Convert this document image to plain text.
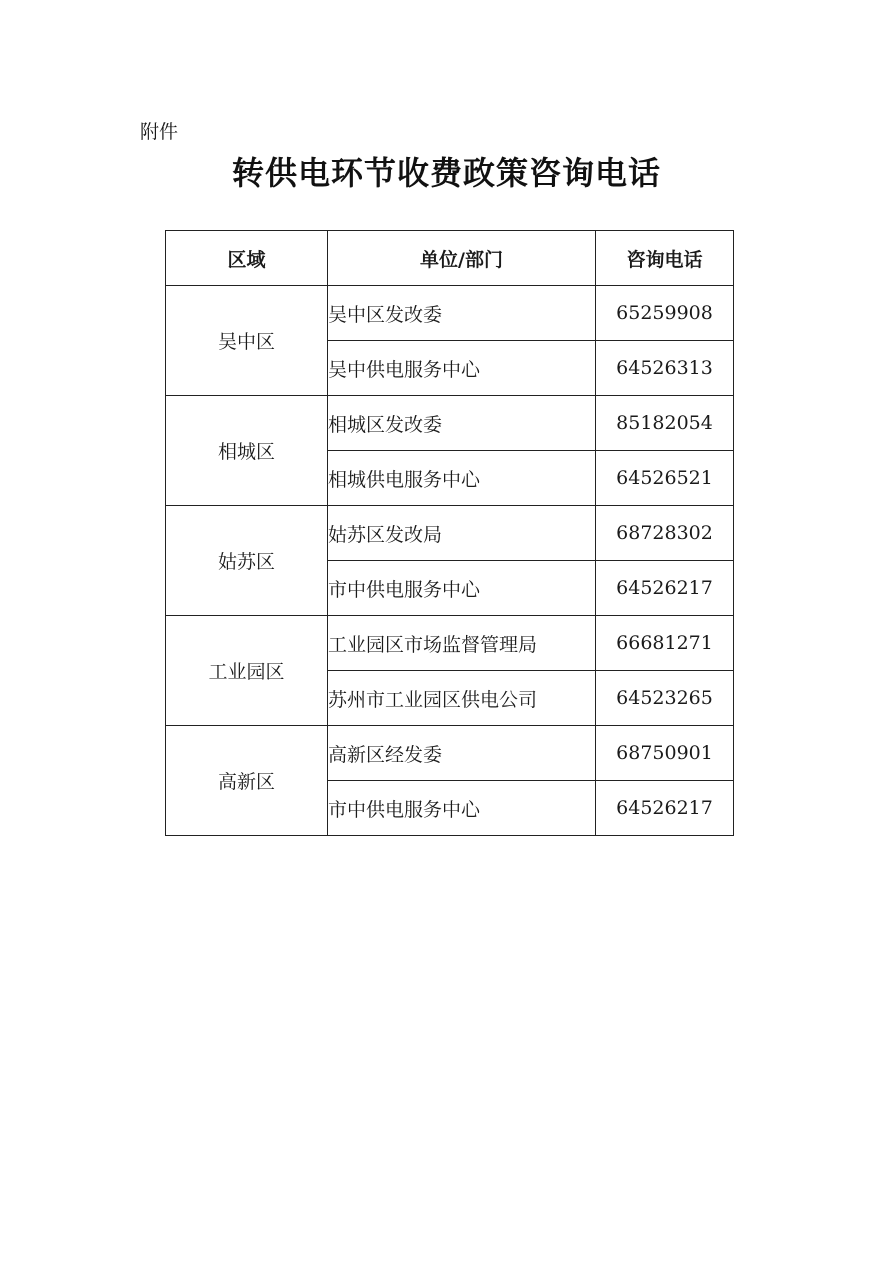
附件
转供电环节收费政策咨询电话
区域	单位/部门	咨询电话
吴中区	吴中区发改委	65259908
	吴中供电服务中心	64526313
相城区	相城区发改委	85182054
	相城供电服务中心	64526521
姑苏区	姑苏区发改局	68728302
	市中供电服务中心	64526217
工业园区	工业园区市场监督管理局	66681271
	苏州市工业园区供电公司	64523265
高新区	高新区经发委	68750901
	市中供电服务中心	64526217
